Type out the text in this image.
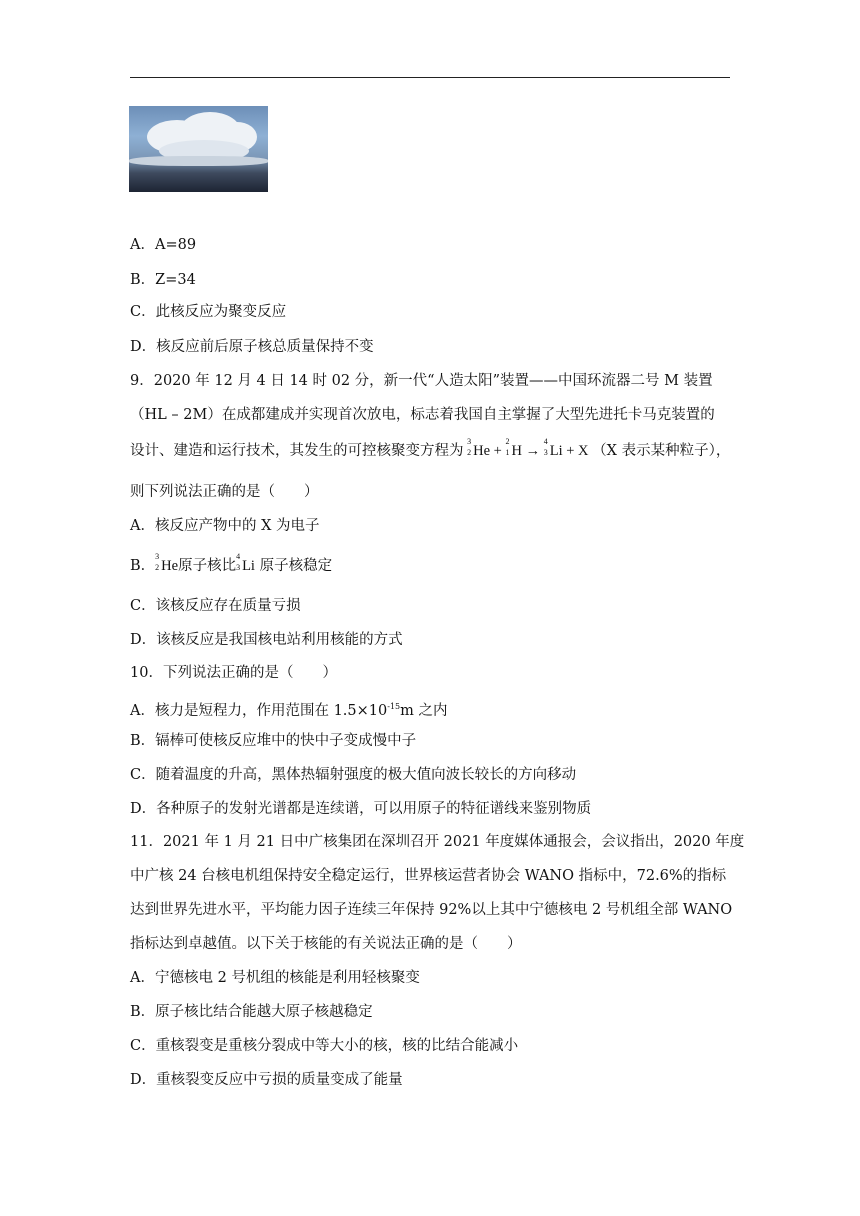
A．A=89
B．Z=34
C．此核反应为聚变反应
D．核反应前后原子核总质量保持不变
9．2020 年 12 月 4 日 14 时 02 分，新一代“人造太阳”装置——中国环流器二号 M 装置
（HL – 2M）在成都建成并实现首次放电，标志着我国自主掌握了大型先进托卡马克装置的
设计、建造和运行技术，其发生的可控核聚变方程为
3
2 He +
2
1 H →
4
3 Li + X （X 表示某种粒子），
则下列说法正确的是（　　）
A．核反应产物中的 X 为电子
B．
3
2 He原子核比
4
3 Li 原子核稳定
C．该核反应存在质量亏损
D．该核反应是我国核电站利用核能的方式
10．下列说法正确的是（　　）
A．核力是短程力，作用范围在 $1.5\times 10^{-15}m$ 之内
B．镉棒可使核反应堆中的快中子变成慢中子
C．随着温度的升高，黑体热辐射强度的极大值向波长较长的方向移动
D．各种原子的发射光谱都是连续谱，可以用原子的特征谱线来鉴别物质
11．2021 年 1 月 21 日中广核集团在深圳召开 2021 年度媒体通报会，会议指出，2020 年度
中广核 24 台核电机组保持安全稳定运行，世界核运营者协会 WANO 指标中，72.6%的指标
达到世界先进水平，平均能力因子连续三年保持 92%以上其中宁德核电 2 号机组全部 WANO
指标达到卓越值。以下关于核能的有关说法正确的是（　　）
A．宁德核电 2 号机组的核能是利用轻核聚变
B．原子核比结合能越大原子核越稳定
C．重核裂变是重核分裂成中等大小的核，核的比结合能减小
D．重核裂变反应中亏损的质量变成了能量
